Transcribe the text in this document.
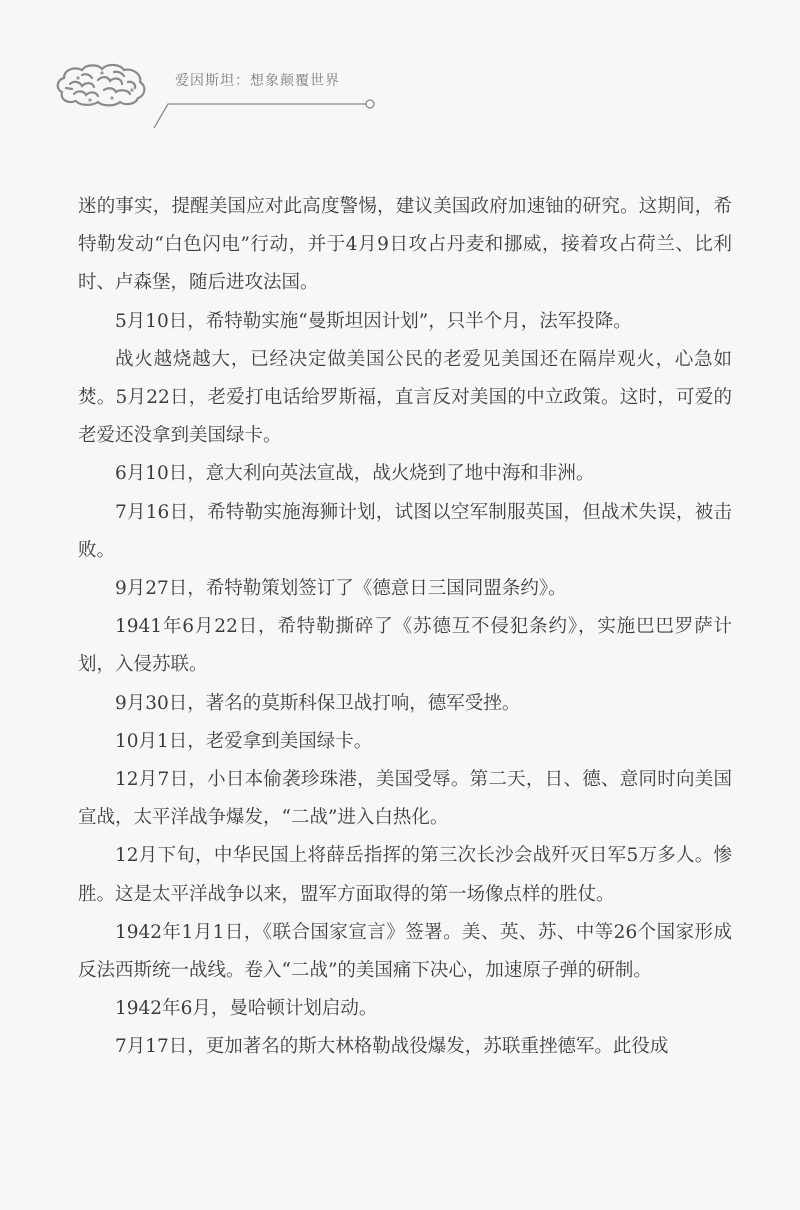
爱因斯坦：想象颠覆世界

迷的事实，提醒美国应对此高度警惕，建议美国政府加速铀的研究。这期间，希特勒发动“白色闪电”行动，并于4月9日攻占丹麦和挪威，接着攻占荷兰、比利时、卢森堡，随后进攻法国。

5月10日，希特勒实施“曼斯坦因计划”，只半个月，法军投降。

战火越烧越大，已经决定做美国公民的老爱见美国还在隔岸观火，心急如焚。5月22日，老爱打电话给罗斯福，直言反对美国的中立政策。这时，可爱的老爱还没拿到美国绿卡。

6月10日，意大利向英法宣战，战火烧到了地中海和非洲。

7月16日，希特勒实施海狮计划，试图以空军制服英国，但战术失误，被击败。

9月27日，希特勒策划签订了《德意日三国同盟条约》。

1941年6月22日，希特勒撕碎了《苏德互不侵犯条约》，实施巴巴罗萨计划，入侵苏联。

9月30日，著名的莫斯科保卫战打响，德军受挫。

10月1日，老爱拿到美国绿卡。

12月7日，小日本偷袭珍珠港，美国受辱。第二天，日、德、意同时向美国宣战，太平洋战争爆发，“二战”进入白热化。

12月下旬，中华民国上将薛岳指挥的第三次长沙会战歼灭日军5万多人。惨胜。这是太平洋战争以来，盟军方面取得的第一场像点样的胜仗。

1942年1月1日，《联合国家宣言》签署。美、英、苏、中等26个国家形成反法西斯统一战线。卷入“二战”的美国痛下决心，加速原子弹的研制。

1942年6月，曼哈顿计划启动。

7月17日，更加著名的斯大林格勒战役爆发，苏联重挫德军。此役成
